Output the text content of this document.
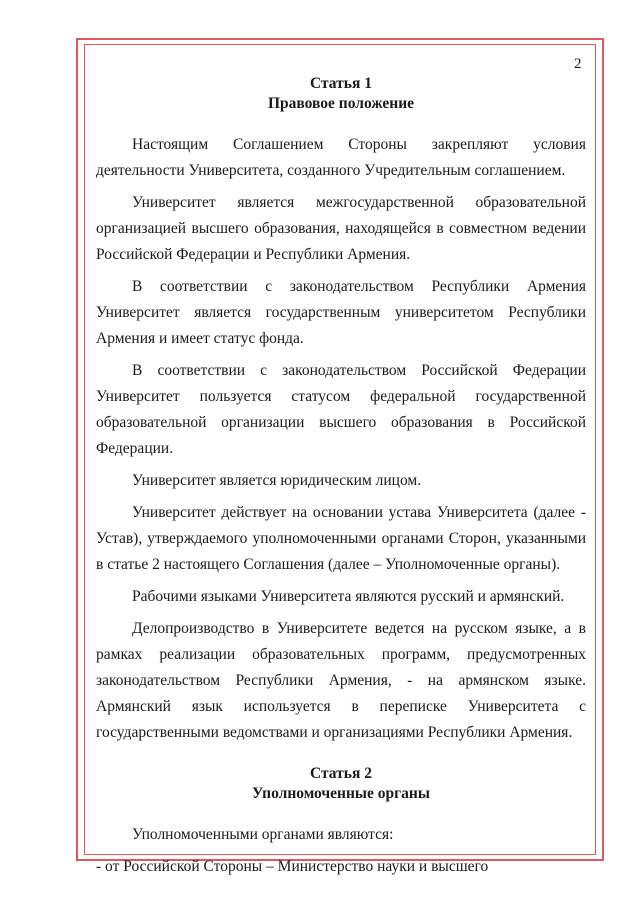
2
Статья 1
Правовое положение

Настоящим Соглашением Стороны закрепляют условия деятельности Университета, созданного Учредительным соглашением.

Университет является межгосударственной образовательной организацией высшего образования, находящейся в совместном ведении Российской Федерации и Республики Армения.

В соответствии с законодательством Республики Армения Университет является государственным университетом Республики Армения и имеет статус фонда.

В соответствии с законодательством Российской Федерации Университет пользуется статусом федеральной государственной образовательной организации высшего образования в Российской Федерации.

Университет является юридическим лицом.

Университет действует на основании устава Университета (далее - Устав), утверждаемого уполномоченными органами Сторон, указанными в статье 2 настоящего Соглашения (далее – Уполномоченные органы).

Рабочими языками Университета являются русский и армянский.

Делопроизводство в Университете ведется на русском языке, а в рамках реализации образовательных программ, предусмотренных законодательством Республики Армения, - на армянском языке. Армянский язык используется в переписке Университета с государственными ведомствами и организациями Республики Армения.

Статья 2
Уполномоченные органы

Уполномоченными органами являются:

- от Российской Стороны – Министерство науки и высшего
